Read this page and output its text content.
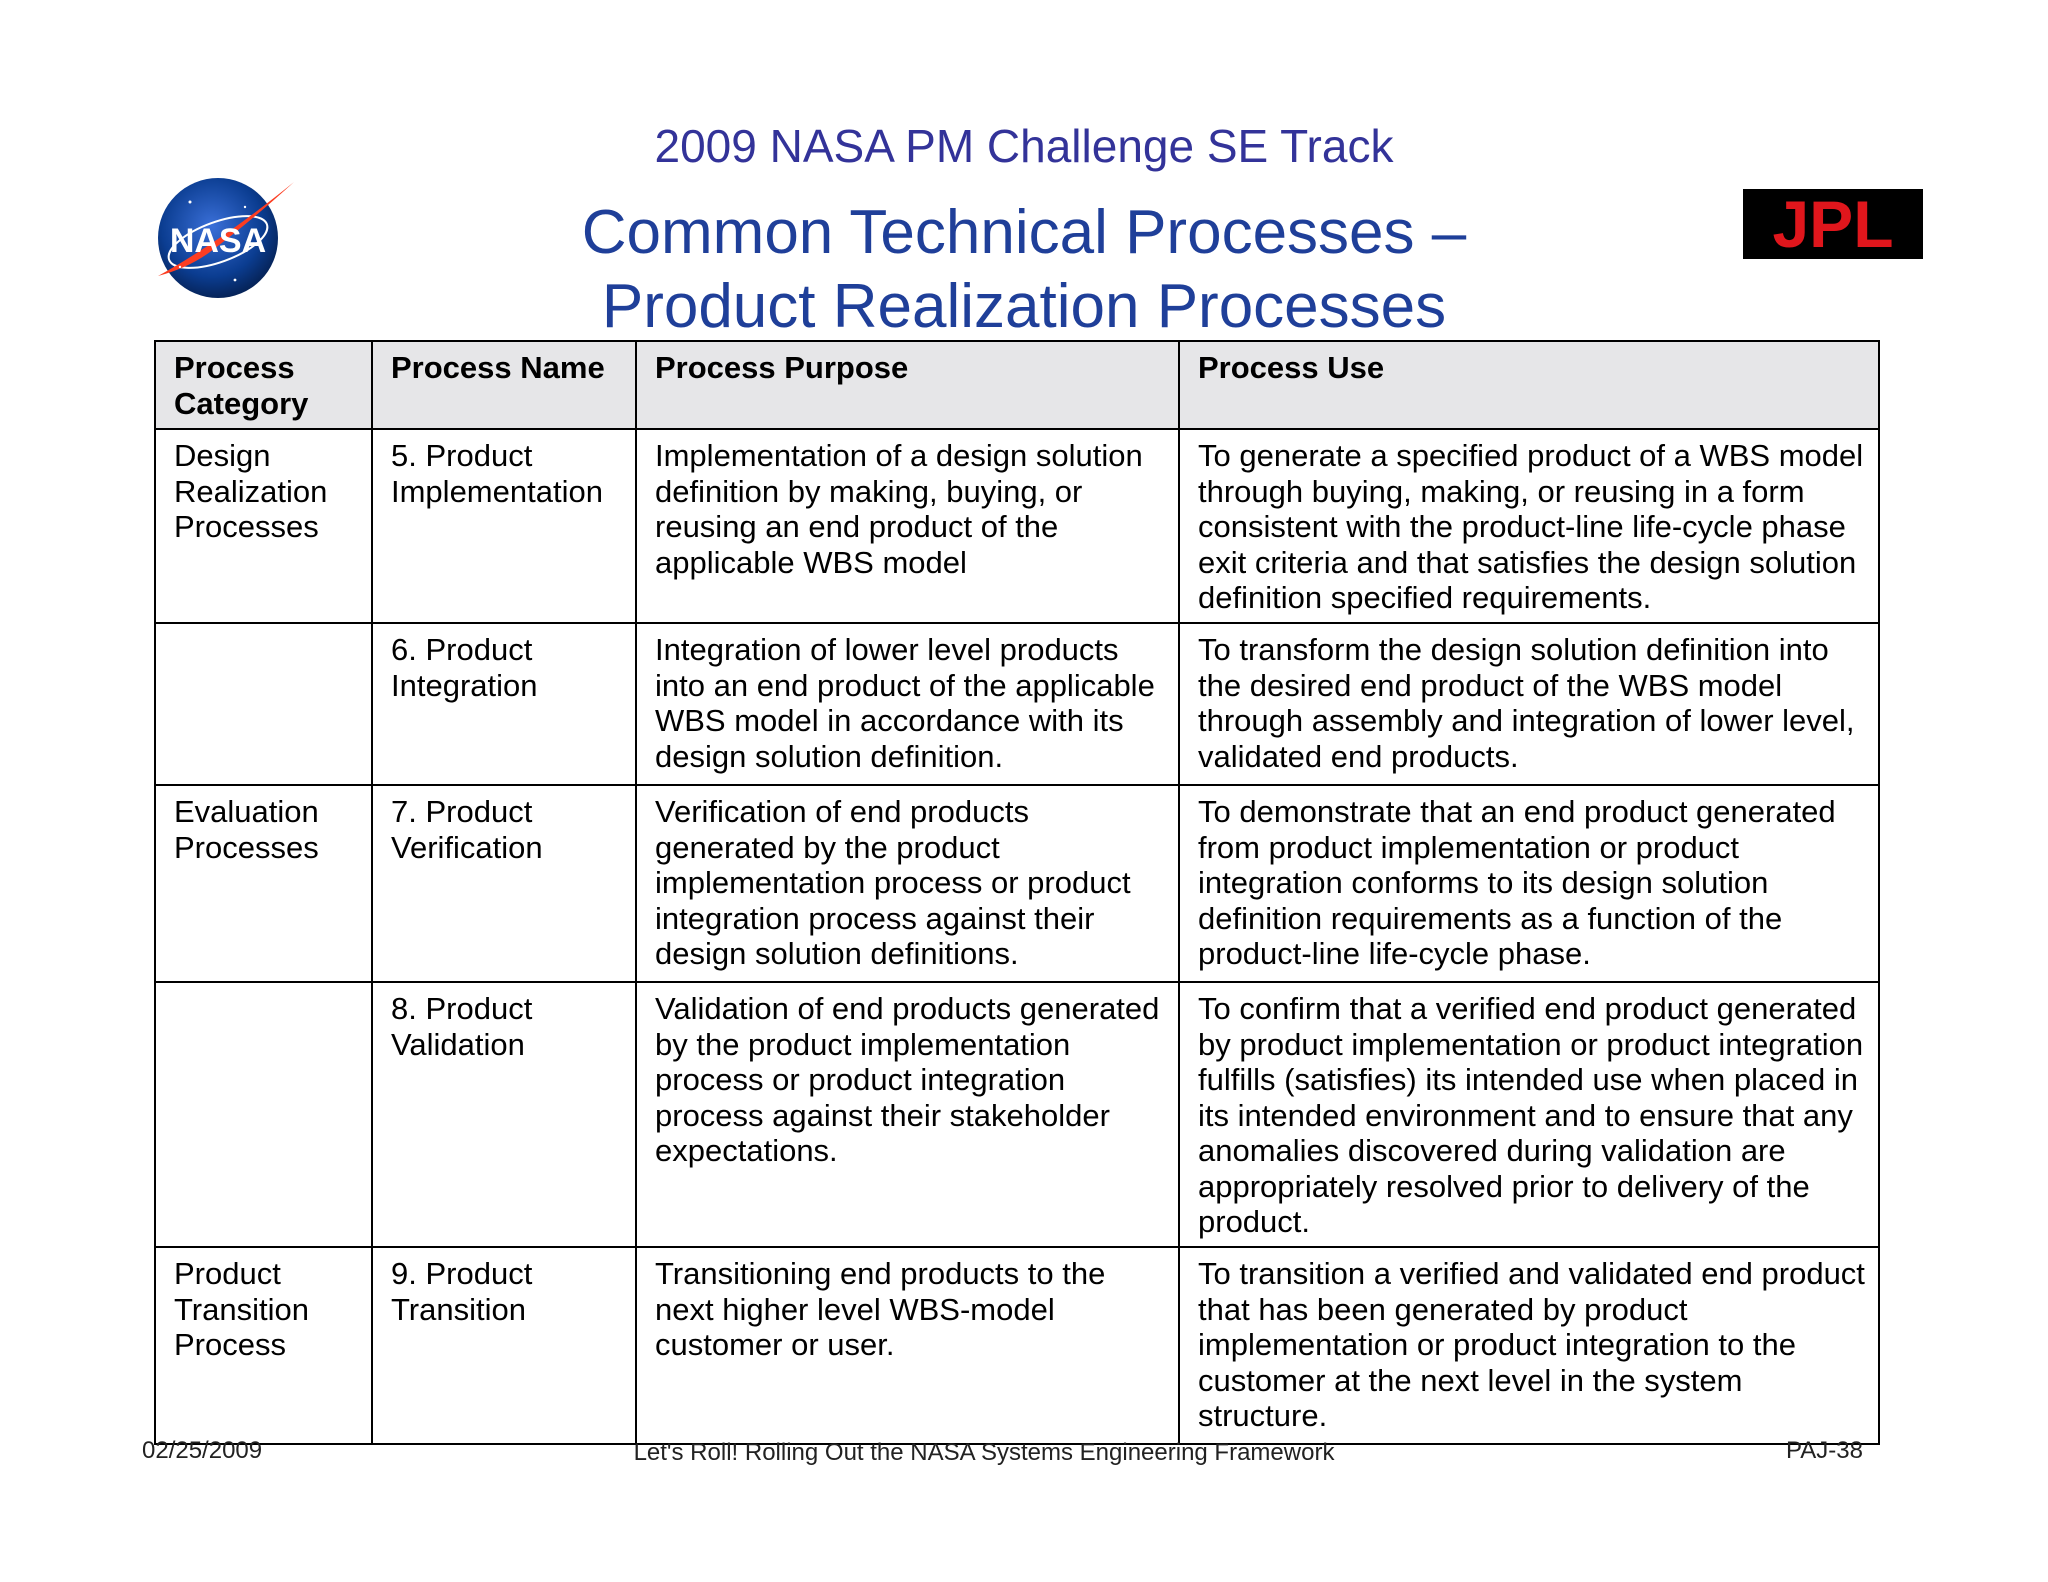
NASA	JPL
2009 NASA PM Challenge SE Track
Common Technical Processes –
Product Realization Processes
Process Category	Process Name	Process Purpose	Process Use
Design Realization Processes	5. Product Implementation	Implementation of a design solution definition by making, buying, or reusing an end product of the applicable WBS model	To generate a specified product of a WBS model through buying, making, or reusing in a form consistent with the product-line life-cycle phase exit criteria and that satisfies the design solution definition specified requirements.
	6. Product Integration	Integration of lower level products into an end product of the applicable WBS model in accordance with its design solution definition.	To transform the design solution definition into the desired end product of the WBS model through assembly and integration of lower level, validated end products.
Evaluation Processes	7. Product Verification	Verification of end products generated by the product implementation process or product integration process against their design solution definitions.	To demonstrate that an end product generated from product implementation or product integration conforms to its design solution definition requirements as a function of the product-line life-cycle phase.
	8. Product Validation	Validation of end products generated by the product implementation process or product integration process against their stakeholder expectations.	To confirm that a verified end product generated by product implementation or product integration fulfills (satisfies) its intended use when placed in its intended environment and to ensure that any anomalies discovered during validation are appropriately resolved prior to delivery of the product.
Product Transition Process	9. Product Transition	Transitioning end products to the next higher level WBS-model customer or user.	To transition a verified and validated end product that has been generated by product implementation or product integration to the customer at the next level in the system structure.
02/25/2009	Let's Roll! Rolling Out the NASA Systems Engineering Framework	PAJ-38
